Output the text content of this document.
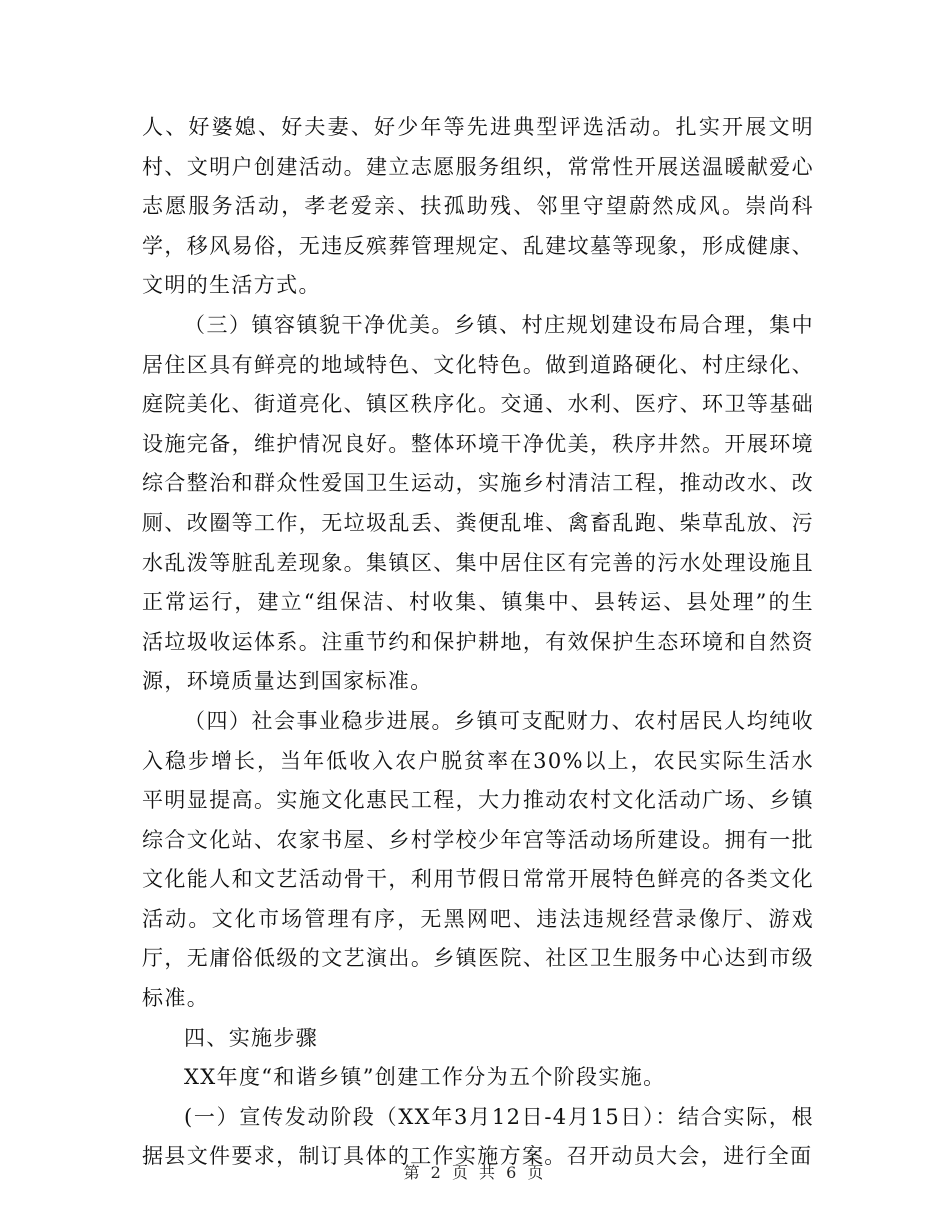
人、好婆媳、好夫妻、好少年等先进典型评选活动。扎实开展文明村、文明户创建活动。建立志愿服务组织，常常性开展送温暖献爱心志愿服务活动，孝老爱亲、扶孤助残、邻里守望蔚然成风。崇尚科学，移风易俗，无违反殡葬管理规定、乱建坟墓等现象，形成健康、文明的生活方式。

（三）镇容镇貌干净优美。乡镇、村庄规划建设布局合理，集中居住区具有鲜亮的地域特色、文化特色。做到道路硬化、村庄绿化、庭院美化、街道亮化、镇区秩序化。交通、水利、医疗、环卫等基础设施完备，维护情况良好。整体环境干净优美，秩序井然。开展环境综合整治和群众性爱国卫生运动，实施乡村清洁工程，推动改水、改厕、改圈等工作，无垃圾乱丢、粪便乱堆、禽畜乱跑、柴草乱放、污水乱泼等脏乱差现象。集镇区、集中居住区有完善的污水处理设施且正常运行，建立“组保洁、村收集、镇集中、县转运、县处理”的生活垃圾收运体系。注重节约和保护耕地，有效保护生态环境和自然资源，环境质量达到国家标准。

（四）社会事业稳步进展。乡镇可支配财力、农村居民人均纯收入稳步增长，当年低收入农户脱贫率在30%以上，农民实际生活水平明显提高。实施文化惠民工程，大力推动农村文化活动广场、乡镇综合文化站、农家书屋、乡村学校少年宫等活动场所建设。拥有一批文化能人和文艺活动骨干，利用节假日常常开展特色鲜亮的各类文化活动。文化市场管理有序，无黑网吧、违法违规经营录像厅、游戏厅，无庸俗低级的文艺演出。乡镇医院、社区卫生服务中心达到市级标准。

四、实施步骤

XX年度“和谐乡镇”创建工作分为五个阶段实施。

(一）宣传发动阶段（XX年3月12日-4月15日）：结合实际，根据县文件要求，制订具体的工作实施方案。召开动员大会，进行全面

第 2 页 共 6 页
